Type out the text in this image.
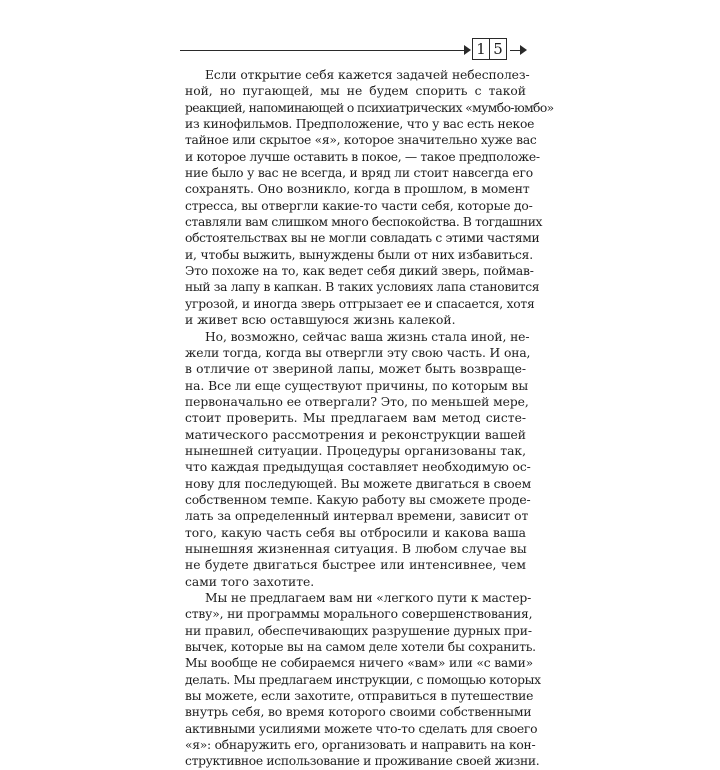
1 5

Если открытие себя кажется задачей небесполез-
ной, но пугающей, мы не будем спорить с такой
реакцией, напоминающей о психиатрических «мумбо-юмбо»
из кинофильмов. Предположение, что у вас есть некое
тайное или скрытое «я», которое значительно хуже вас
и которое лучше оставить в покое, — такое предположе-
ние было у вас не всегда, и вряд ли стоит навсегда его
сохранять. Оно возникло, когда в прошлом, в момент
стресса, вы отвергли какие-то части себя, которые до-
ставляли вам слишком много беспокойства. В тогдашних
обстоятельствах вы не могли совладать с этими частями
и, чтобы выжить, вынуждены были от них избавиться.
Это похоже на то, как ведет себя дикий зверь, поймав-
ный за лапу в капкан. В таких условиях лапа становится
угрозой, и иногда зверь отгрызает ее и спасается, хотя
и живет всю оставшуюся жизнь калекой.

Но, возможно, сейчас ваша жизнь стала иной, не-
жели тогда, когда вы отвергли эту свою часть. И она,
в отличие от звериной лапы, может быть возвраще-
на. Все ли еще существуют причины, по которым вы
первоначально ее отвергали? Это, по меньшей мере,
стоит проверить. Мы предлагаем вам метод систе-
матического рассмотрения и реконструкции вашей
нынешней ситуации. Процедуры организованы так,
что каждая предыдущая составляет необходимую ос-
нову для последующей. Вы можете двигаться в своем
собственном темпе. Какую работу вы сможете проде-
лать за определенный интервал времени, зависит от
того, какую часть себя вы отбросили и какова ваша
нынешняя жизненная ситуация. В любом случае вы
не будете двигаться быстрее или интенсивнее, чем
сами того захотите.

Мы не предлагаем вам ни «легкого пути к мастер-
ству», ни программы морального совершенствования,
ни правил, обеспечивающих разрушение дурных при-
вычек, которые вы на самом деле хотели бы сохранить.
Мы вообще не собираемся ничего «вам» или «с вами»
делать. Мы предлагаем инструкции, с помощью которых
вы можете, если захотите, отправиться в путешествие
внутрь себя, во время которого своими собственными
активными усилиями можете что-то сделать для своего
«я»: обнаружить его, организовать и направить на кон-
структивное использование и проживание своей жизни.
